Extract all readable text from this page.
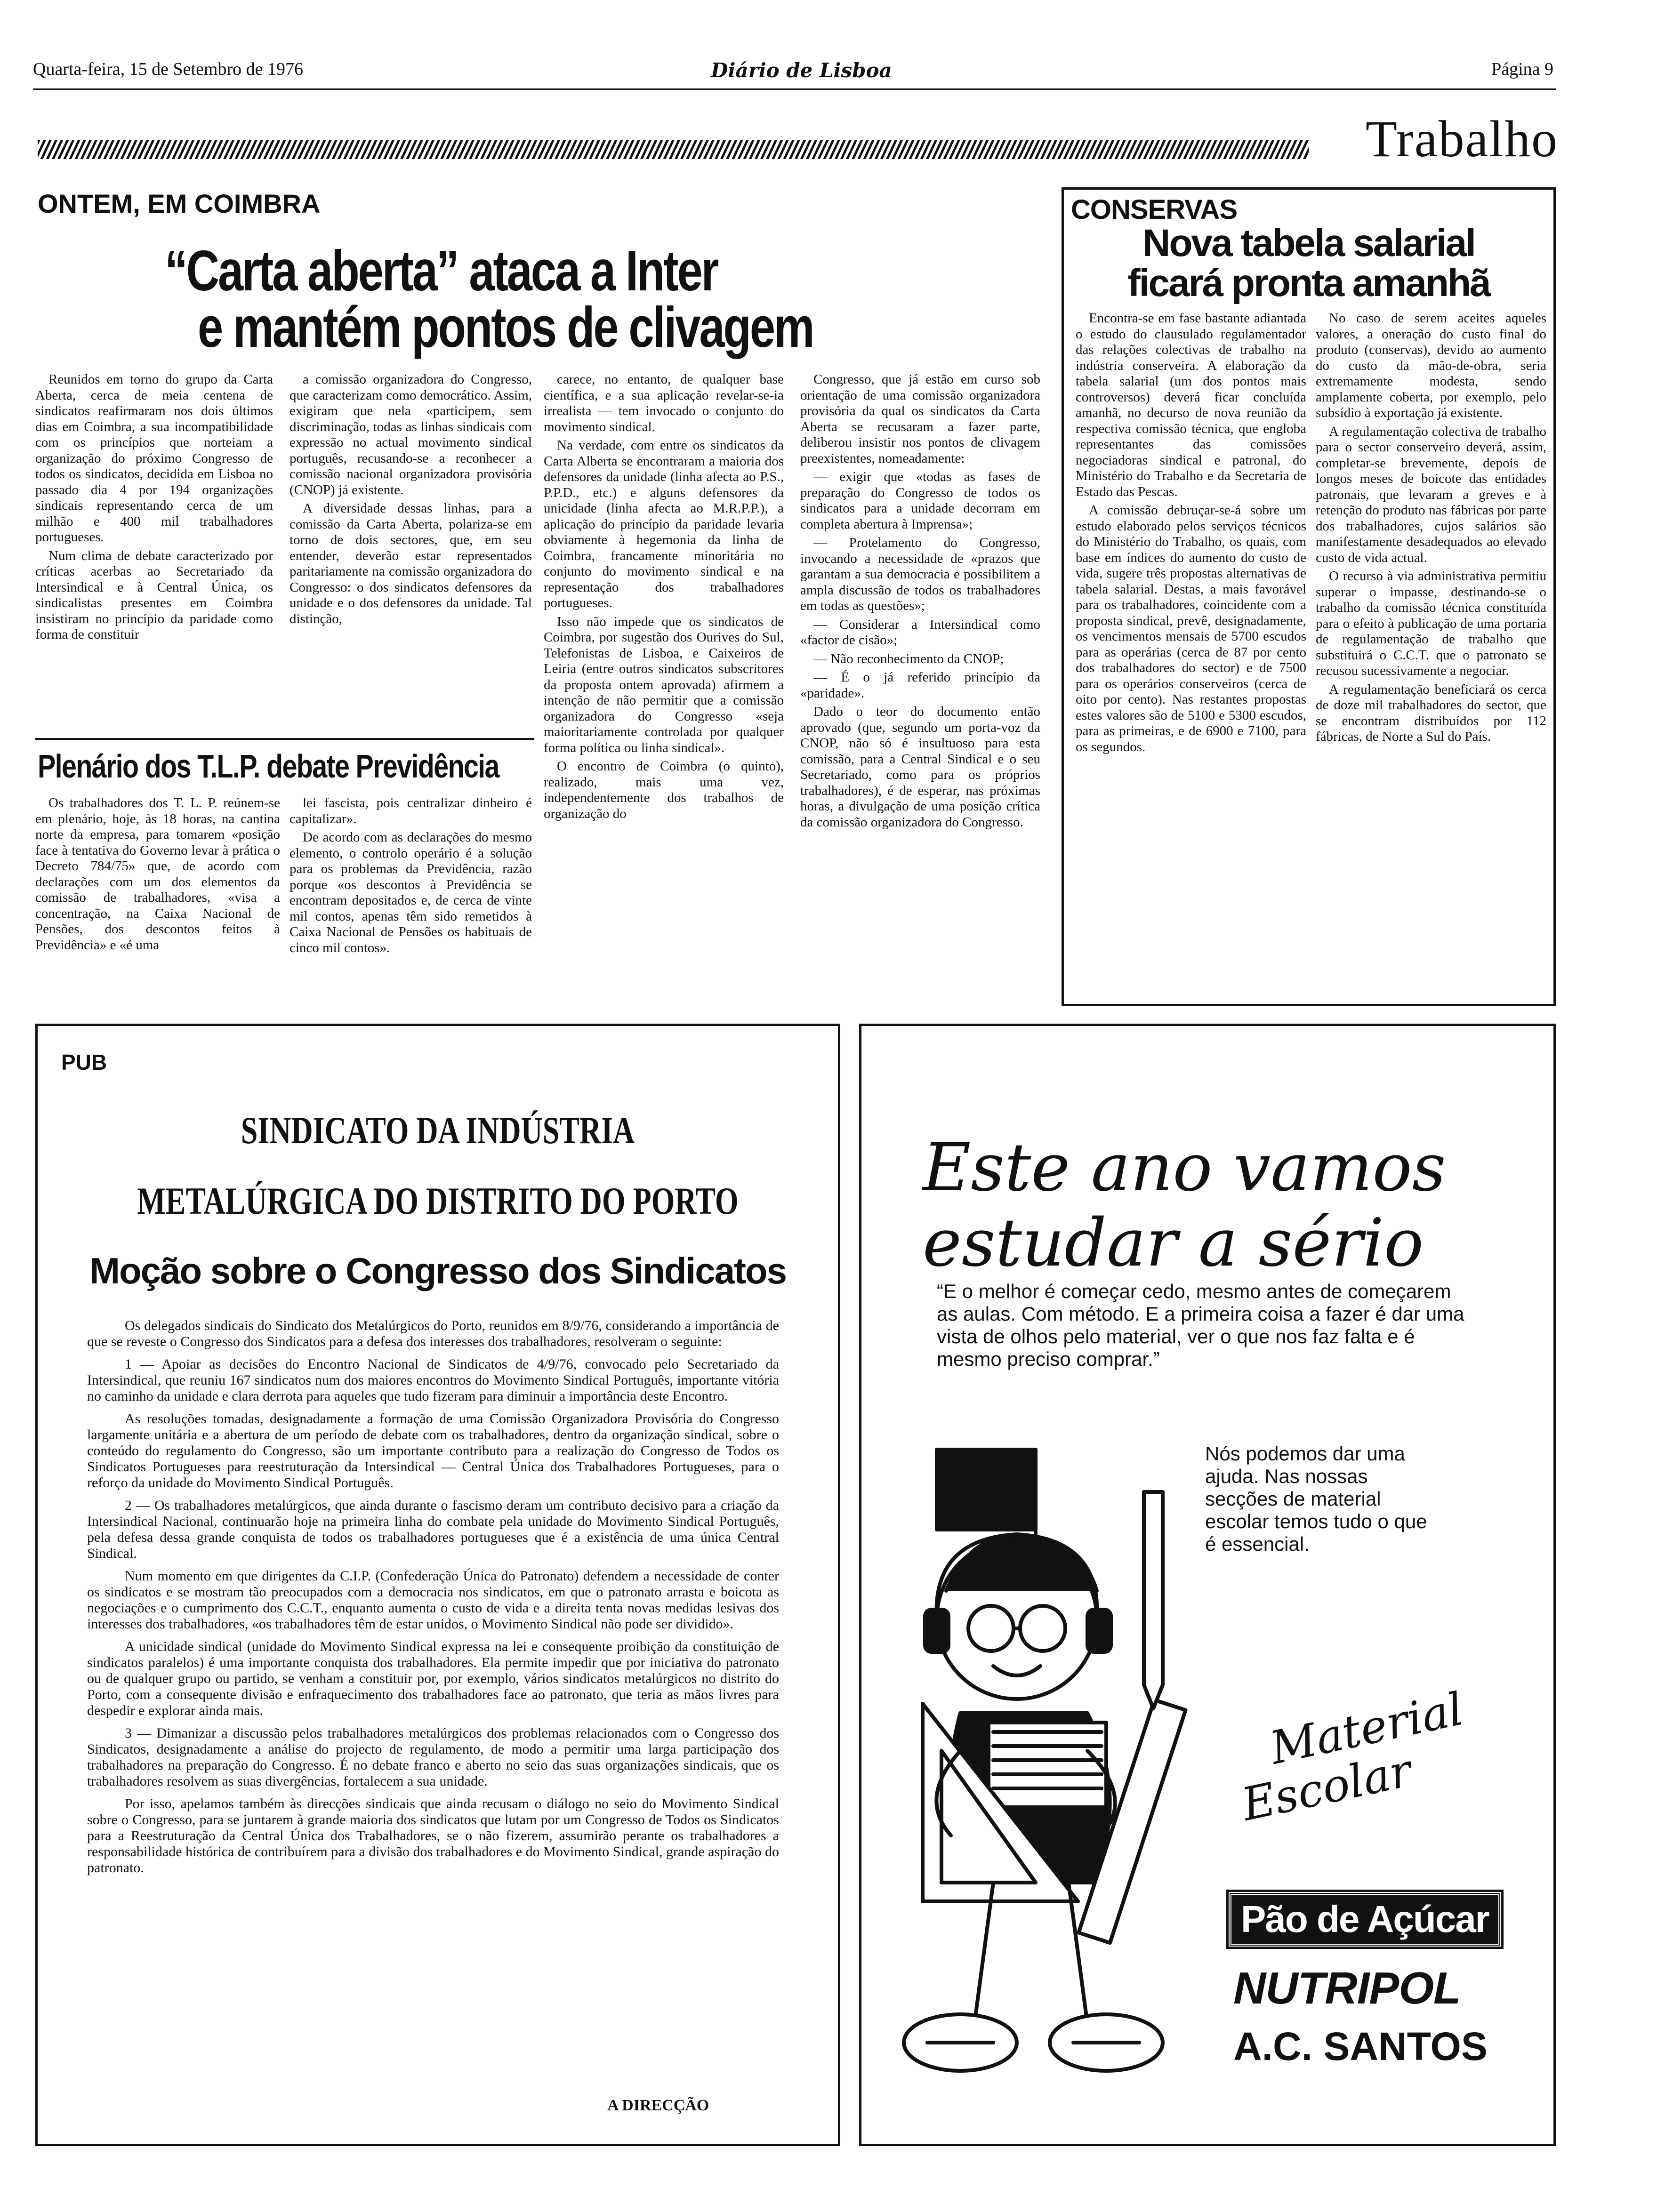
Quarta-feira, 15 de Setembro de 1976	Diário de Lisboa	Página 9
Trabalho
ONTEM, EM COIMBRA
“Carta aberta” ataca a Inter
e mantém pontos de clivagem

Reunidos em torno do grupo da Carta Aberta, cerca de meia centena de sindicatos reafirmaram nos dois últimos dias em Coimbra, a sua incompatibilidade com os princípios que norteiam a organização do próximo Congresso de todos os sindicatos, decidida em Lisboa no passado dia 4 por 194 organizações sindicais representando cerca de um milhão e 400 mil trabalhadores portugueses.

Num clima de debate caracterizado por críticas acerbas ao Secretariado da Intersindical e à Central Única, os sindicalistas presentes em Coimbra insistiram no princípio da paridade como forma de constituir

a comissão organizadora do Congresso, que caracterizam como democrático. Assim, exigiram que nela «participem, sem discriminação, todas as linhas sindicais com expressão no actual movimento sindical português, recusando-se a reconhecer a comissão nacional organizadora provisória (CNOP) já existente.

A diversidade dessas linhas, para a comissão da Carta Aberta, polariza-se em torno de dois sectores, que, em seu entender, deverão estar representados paritariamente na comissão organizadora do Congresso: o dos sindicatos defensores da unidade e o dos defensores da unidade. Tal distinção,

carece, no entanto, de qualquer base científica, e a sua aplicação revelar-se-ia irrealista — tem invocado o conjunto do movimento sindical.

Na verdade, com entre os sindicatos da Carta Alberta se encontraram a maioria dos defensores da unidade (linha afecta ao P.S., P.P.D., etc.) e alguns defensores da unicidade (linha afecta ao M.R.P.P.), a aplicação do princípio da paridade levaria obviamente à hegemonia da linha de Coimbra, francamente minoritária no conjunto do movimento sindical e na representação dos trabalhadores portugueses.

Isso não impede que os sindicatos de Coimbra, por sugestão dos Ourives do Sul, Telefonistas de Lisboa, e Caixeiros de Leiria (entre outros sindicatos subscritores da proposta ontem aprovada) afirmem a intenção de não permitir que a comissão organizadora do Congresso «seja maioritariamente controlada por qualquer forma política ou linha sindical».

O encontro de Coimbra (o quinto), realizado, mais uma vez, independentemente dos trabalhos de organização do

Congresso, que já estão em curso sob orientação de uma comissão organizadora provisória da qual os sindicatos da Carta Aberta se recusaram a fazer parte, deliberou insistir nos pontos de clivagem preexistentes, nomeadamente:

— exigir que «todas as fases de preparação do Congresso de todos os sindicatos para a unidade decorram em completa abertura à Imprensa»;

— Protelamento do Congresso, invocando a necessidade de «prazos que garantam a sua democracia e possibilitem a ampla discussão de todos os trabalhadores em todas as questões»;

— Considerar a Intersindical como «factor de cisão»;

— Não reconhecimento da CNOP;

— É o já referido princípio da «paridade».

Dado o teor do documento então aprovado (que, segundo um porta-voz da CNOP, não só é insultuoso para esta comissão, para a Central Sindical e o seu Secretariado, como para os próprios trabalhadores), é de esperar, nas próximas horas, a divulgação de uma posição crítica da comissão organizadora do Congresso.

Plenário dos T.L.P. debate Previdência

Os trabalhadores dos T. L. P. reúnem-se em plenário, hoje, às 18 horas, na cantina norte da empresa, para tomarem «posição face à tentativa do Governo levar à prática o Decreto 784/75» que, de acordo com declarações com um dos elementos da comissão de trabalhadores, «visa a concentração, na Caixa Nacional de Pensões, dos descontos feitos à Previdência» e «é uma

lei fascista, pois centralizar dinheiro é capitalizar».

De acordo com as declarações do mesmo elemento, o controlo operário é a solução para os problemas da Previdência, razão porque «os descontos à Previdência se encontram depositados e, de cerca de vinte mil contos, apenas têm sido remetidos à Caixa Nacional de Pensões os habituais de cinco mil contos».

CONSERVAS
Nova tabela salarial
ficará pronta amanhã

Encontra-se em fase bastante adiantada o estudo do clausulado regulamentador das relações colectivas de trabalho na indústria conserveira. A elaboração da tabela salarial (um dos pontos mais controversos) deverá ficar concluída amanhã, no decurso de nova reunião da respectiva comissão técnica, que engloba representantes das comissões negociadoras sindical e patronal, do Ministério do Trabalho e da Secretaria de Estado das Pescas.

A comissão debruçar-se-á sobre um estudo elaborado pelos serviços técnicos do Ministério do Trabalho, os quais, com base em índices do aumento do custo de vida, sugere três propostas alternativas de tabela salarial. Destas, a mais favorável para os trabalhadores, coincidente com a proposta sindical, prevê, designadamente, os vencimentos mensais de 5700 escudos para as operárias (cerca de 87 por cento dos trabalhadores do sector) e de 7500 para os operários conserveiros (cerca de oito por cento). Nas restantes propostas estes valores são de 5100 e 5300 escudos, para as primeiras, e de 6900 e 7100, para os segundos.

No caso de serem aceites aqueles valores, a oneração do custo final do produto (conservas), devido ao aumento do custo da mão-de-obra, seria extremamente modesta, sendo amplamente coberta, por exemplo, pelo subsídio à exportação já existente.

A regulamentação colectiva de trabalho para o sector conserveiro deverá, assim, completar-se brevemente, depois de longos meses de boicote das entidades patronais, que levaram a greves e à retenção do produto nas fábricas por parte dos trabalhadores, cujos salários são manifestamente desadequados ao elevado custo de vida actual.

O recurso à via administrativa permitiu superar o impasse, destinando-se o trabalho da comissão técnica constituída para o efeito à publicação de uma portaria de regulamentação de trabalho que substituirá o C.C.T. que o patronato se recusou sucessivamente a negociar.

A regulamentação beneficiará os cerca de doze mil trabalhadores do sector, que se encontram distribuídos por 112 fábricas, de Norte a Sul do País.

PUB
SINDICATO DA INDÚSTRIA
METALÚRGICA DO DISTRITO DO PORTO
Moção sobre o Congresso dos Sindicatos

Os delegados sindicais do Sindicato dos Metalúrgicos do Porto, reunidos em 8/9/76, considerando a importância de que se reveste o Congresso dos Sindicatos para a defesa dos interesses dos trabalhadores, resolveram o seguinte:

1 — Apoiar as decisões do Encontro Nacional de Sindicatos de 4/9/76, convocado pelo Secretariado da Intersindical, que reuniu 167 sindicatos num dos maiores encontros do Movimento Sindical Português, importante vitória no caminho da unidade e clara derrota para aqueles que tudo fizeram para diminuir a importância deste Encontro.

As resoluções tomadas, designadamente a formação de uma Comissão Organizadora Provisória do Congresso largamente unitária e a abertura de um período de debate com os trabalhadores, dentro da organização sindical, sobre o conteúdo do regulamento do Congresso, são um importante contributo para a realização do Congresso de Todos os Sindicatos Portugueses para reestruturação da Intersindical — Central Única dos Trabalhadores Portugueses, para o reforço da unidade do Movimento Sindical Português.

2 — Os trabalhadores metalúrgicos, que ainda durante o fascismo deram um contributo decisivo para a criação da Intersindical Nacional, continuarão hoje na primeira linha do combate pela unidade do Movimento Sindical Português, pela defesa dessa grande conquista de todos os trabalhadores portugueses que é a existência de uma única Central Sindical.

Num momento em que dirigentes da C.I.P. (Confederação Única do Patronato) defendem a necessidade de conter os sindicatos e se mostram tão preocupados com a democracia nos sindicatos, em que o patronato arrasta e boicota as negociações e o cumprimento dos C.C.T., enquanto aumenta o custo de vida e a direita tenta novas medidas lesivas dos interesses dos trabalhadores, «os trabalhadores têm de estar unidos, o Movimento Sindical não pode ser dividido».

A unicidade sindical (unidade do Movimento Sindical expressa na lei e consequente proibição da constituição de sindicatos paralelos) é uma importante conquista dos trabalhadores. Ela permite impedir que por iniciativa do patronato ou de qualquer grupo ou partido, se venham a constituir por, por exemplo, vários sindicatos metalúrgicos no distrito do Porto, com a consequente divisão e enfraquecimento dos trabalhadores face ao patronato, que teria as mãos livres para despedir e explorar ainda mais.

3 — Dimanizar a discussão pelos trabalhadores metalúrgicos dos problemas relacionados com o Congresso dos Sindicatos, designadamente a análise do projecto de regulamento, de modo a permitir uma larga participação dos trabalhadores na preparação do Congresso. É no debate franco e aberto no seio das suas organizações sindicais, que os trabalhadores resolvem as suas divergências, fortalecem a sua unidade.

Por isso, apelamos também às direcções sindicais que ainda recusam o diálogo no seio do Movimento Sindical sobre o Congresso, para se juntarem à grande maioria dos sindicatos que lutam por um Congresso de Todos os Sindicatos para a Reestruturação da Central Única dos Trabalhadores, se o não fizerem, assumirão perante os trabalhadores a responsabilidade histórica de contribuírem para a divisão dos trabalhadores e do Movimento Sindical, grande aspiração do patronato.

A DIRECÇÃO
Este ano vamos
estudar a sério
“E o melhor é começar cedo, mesmo antes de começarem as aulas. Com método. E a primeira coisa a fazer é dar uma vista de olhos pelo material, ver o que nos faz falta e é mesmo preciso comprar.”
Nós podemos dar uma ajuda. Nas nossas secções de material escolar temos tudo o que é essencial.
Material
Escolar
Pão de Açúcar
NUTRIPOL
A.C. SANTOS
